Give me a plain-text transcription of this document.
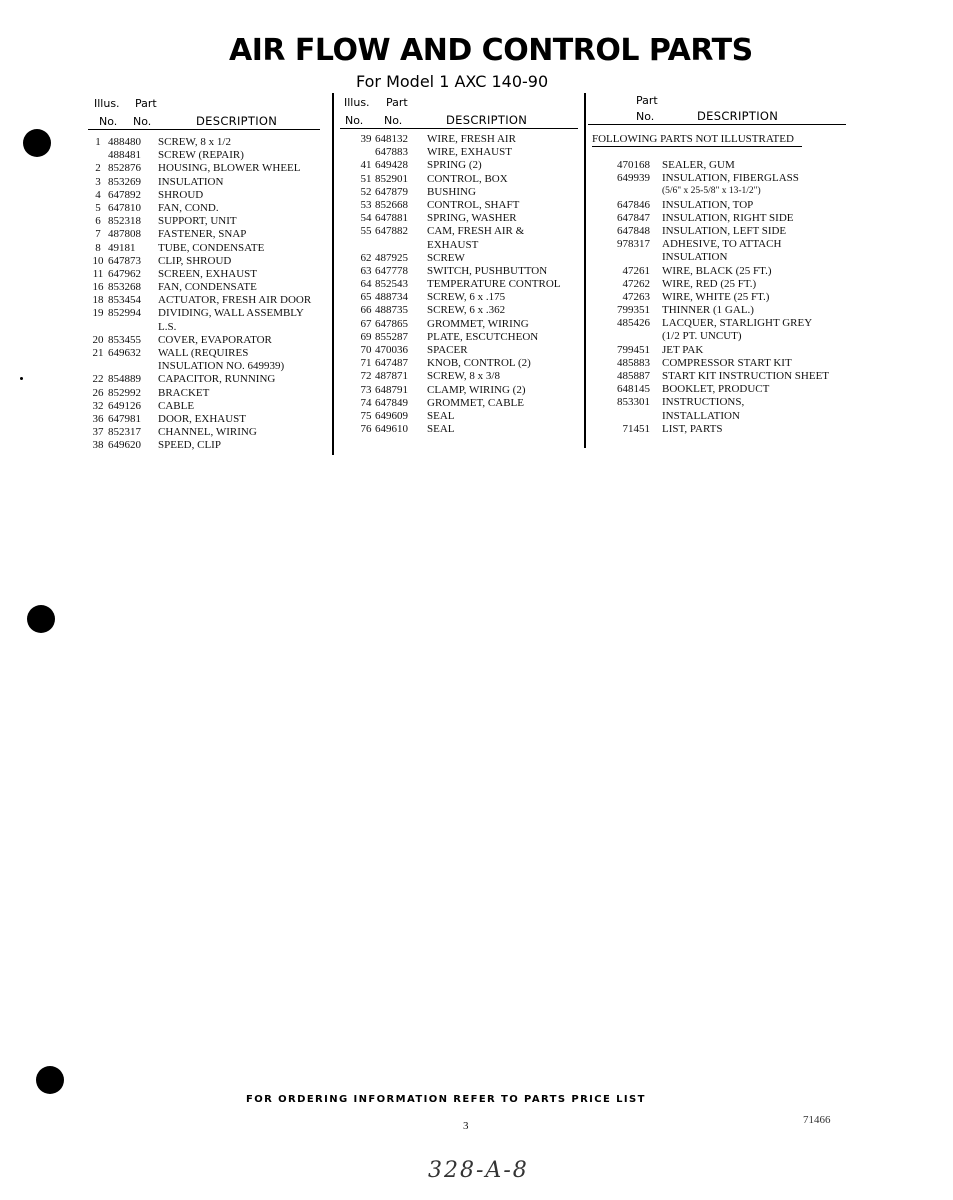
AIR FLOW AND CONTROL PARTS
For Model 1 AXC 140-90
Illus. Part
No. No.	DESCRIPTION
Illus. Part
No. No.	DESCRIPTION
Part
No.	DESCRIPTION
1 488480 SCREW, 8 x 1/2
488481 SCREW (REPAIR)
2 852876 HOUSING, BLOWER WHEEL
3 853269 INSULATION
4 647892 SHROUD
5 647810 FAN, COND.
6 852318 SUPPORT, UNIT
7 487808 FASTENER, SNAP
8 49181 TUBE, CONDENSATE
10 647873 CLIP, SHROUD
11 647962 SCREEN, EXHAUST
16 853268 FAN, CONDENSATE
18 853454 ACTUATOR, FRESH AIR DOOR
19 852994 DIVIDING, WALL ASSEMBLY
L.S.
20 853455 COVER, EVAPORATOR
21 649632 WALL (REQUIRES
INSULATION NO. 649939)
22 854889 CAPACITOR, RUNNING
26 852992 BRACKET
32 649126 CABLE
36 647981 DOOR, EXHAUST
37 852317 CHANNEL, WIRING
38 649620 SPEED, CLIP
39 648132 WIRE, FRESH AIR
647883 WIRE, EXHAUST
41 649428 SPRING (2)
51 852901 CONTROL, BOX
52 647879 BUSHING
53 852668 CONTROL, SHAFT
54 647881 SPRING, WASHER
55 647882 CAM, FRESH AIR &
EXHAUST
62 487925 SCREW
63 647778 SWITCH, PUSHBUTTON
64 852543 TEMPERATURE CONTROL
65 488734 SCREW, 6 x .175
66 488735 SCREW, 6 x .362
67 647865 GROMMET, WIRING
69 855287 PLATE, ESCUTCHEON
70 470036 SPACER
71 647487 KNOB, CONTROL (2)
72 487871 SCREW, 8 x 3/8
73 648791 CLAMP, WIRING (2)
74 647849 GROMMET, CABLE
75 649609 SEAL
76 649610 SEAL
FOLLOWING PARTS NOT ILLUSTRATED
470168 SEALER, GUM
649939 INSULATION, FIBERGLASS
(5/6" x 25-5/8" x 13-1/2")
647846 INSULATION, TOP
647847 INSULATION, RIGHT SIDE
647848 INSULATION, LEFT SIDE
978317 ADHESIVE, TO ATTACH
INSULATION
47261 WIRE, BLACK (25 FT.)
47262 WIRE, RED (25 FT.)
47263 WIRE, WHITE (25 FT.)
799351 THINNER (1 GAL.)
485426 LACQUER, STARLIGHT GREY
(1/2 PT. UNCUT)
799451 JET PAK
485883 COMPRESSOR START KIT
485887 START KIT INSTRUCTION SHEET
648145 BOOKLET, PRODUCT
853301 INSTRUCTIONS,
INSTALLATION
71451 LIST, PARTS
FOR ORDERING INFORMATION REFER TO PARTS PRICE LIST
3	71466
328-A-8
